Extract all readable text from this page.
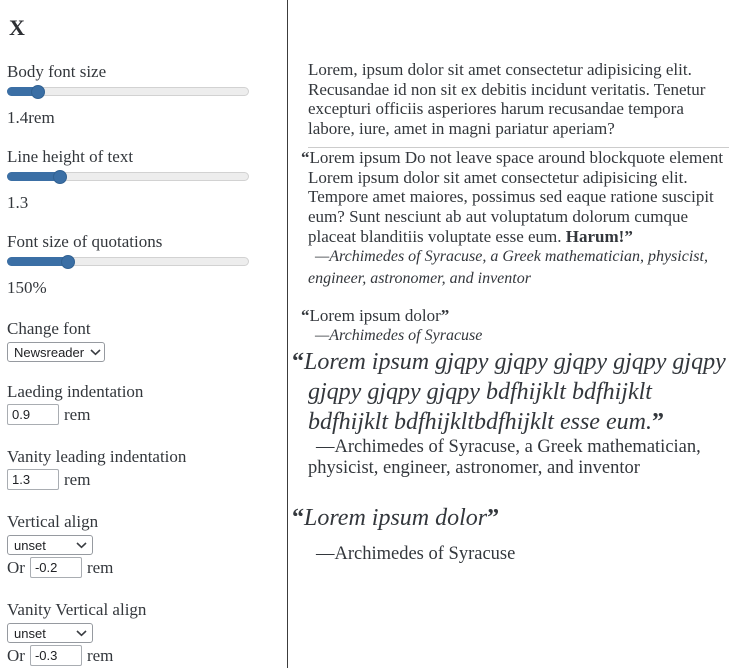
X
Body font size
1.4rem
Line height of text
1.3
Font size of quotations
150%
Change font
Newsreader
Laeding indentation
0.9
rem
Vanity leading indentation
1.3
rem
Vertical align
unset
Or
-0.2	rem
Vanity Vertical align
unset
Or
-0.3	rem

Lorem, ipsum dolor sit amet consectetur adipisicing elit. Recusandae id non sit ex debitis incidunt veritatis. Tenetur excepturi officiis asperiores harum recusandae tempora labore, iure, amet in magni pariatur aperiam?

“Lorem ipsum Do not leave space around blockquote element Lorem ipsum dolor sit amet consectetur adipisicing elit. Tempore amet maiores, possimus sed eaque ratione suscipit eum? Sunt nesciunt ab aut voluptatum dolorum cumque placeat blanditiis voluptate esse eum. Harum!”

—Archimedes of Syracuse, a Greek mathematician, physicist, engineer, astronomer, and inventor

“Lorem ipsum dolor”

—Archimedes of Syracuse

“Lorem ipsum gjqpy gjqpy gjqpy gjqpy gjqpy gjqpy gjqpy gjqpy bdfhijklt bdfhijklt bdfhijklt bdfhijkltbdfhijklt esse eum.”

—Archimedes of Syracuse, a Greek mathematician, physicist, engineer, astronomer, and inventor

“Lorem ipsum dolor”

—Archimedes of Syracuse
